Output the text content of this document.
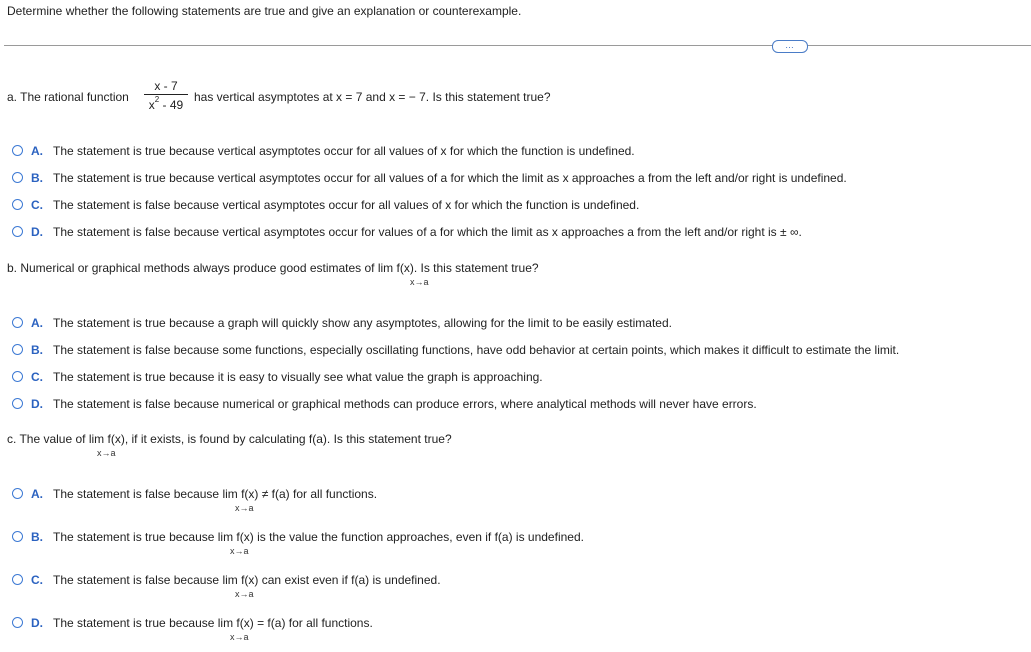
Determine whether the following statements are true and give an explanation or counterexample.
…
a. The rational function
x - 7
$x^2 - 49$
has vertical asymptotes at x = 7 and x = − 7. Is this statement true?
A. The statement is true because vertical asymptotes occur for all values of x for which the function is undefined.
B. The statement is true because vertical asymptotes occur for all values of a for which the limit as x approaches a from the left and/or right is undefined.
C. The statement is false because vertical asymptotes occur for all values of x for which the function is undefined.
D. The statement is false because vertical asymptotes occur for values of a for which the limit as x approaches a from the left and/or right is ± ∞.
b. Numerical or graphical methods always produce good estimates of lim f(x). Is this statement true?
x→a
A. The statement is true because a graph will quickly show any asymptotes, allowing for the limit to be easily estimated.
B. The statement is false because some functions, especially oscillating functions, have odd behavior at certain points, which makes it difficult to estimate the limit.
C. The statement is true because it is easy to visually see what value the graph is approaching.
D. The statement is false because numerical or graphical methods can produce errors, where analytical methods will never have errors.
c. The value of lim f(x), if it exists, is found by calculating f(a). Is this statement true?
x→a
A. The statement is false because lim f(x) ≠ f(a) for all functions.
x→a
B. The statement is true because lim f(x) is the value the function approaches, even if f(a) is undefined.
x→a
C. The statement is false because lim f(x) can exist even if f(a) is undefined.
x→a
D. The statement is true because lim f(x) = f(a) for all functions.
x→a
